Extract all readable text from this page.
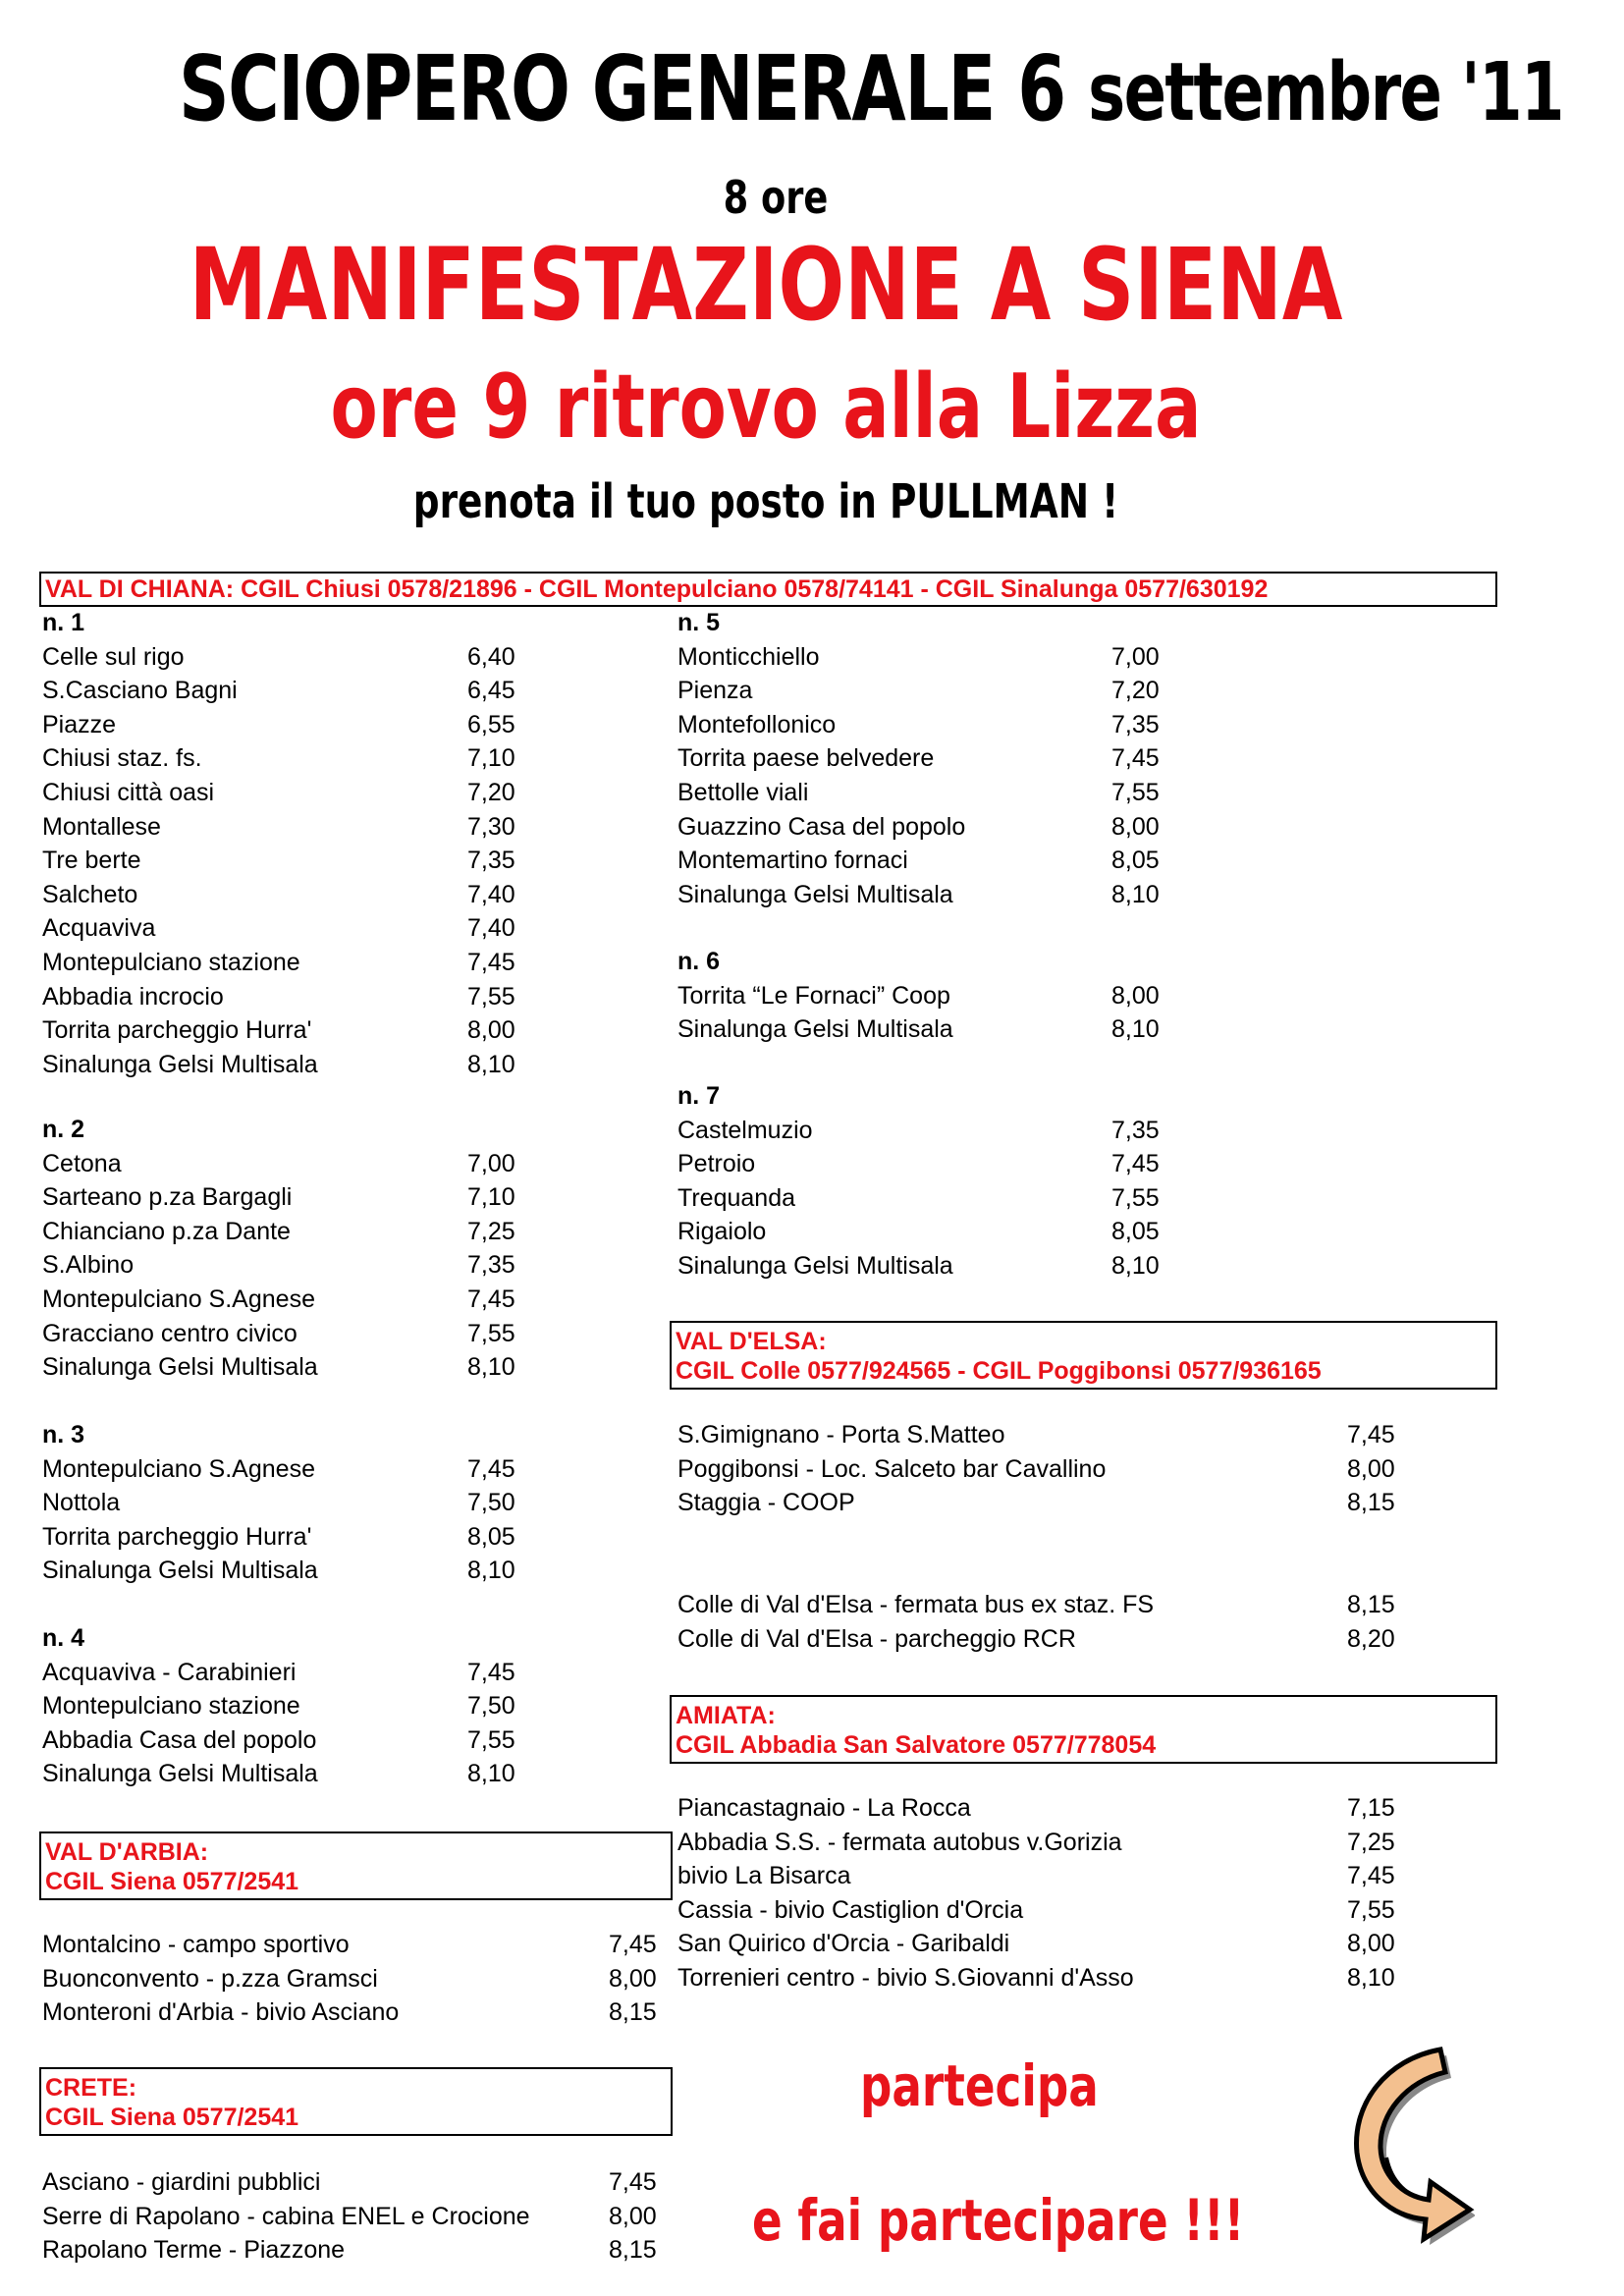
SCIOPERO GENERALE 6 settembre '11
8 ore
MANIFESTAZIONE A SIENA
ore 9 ritrovo alla Lizza
prenota il tuo posto in PULLMAN !
VAL DI CHIANA: CGIL Chiusi 0578/21896 - CGIL Montepulciano 0578/74141 - CGIL Sinalunga 0577/630192
VAL D'ELSA:
CGIL Colle 0577/924565 - CGIL Poggibonsi 0577/936165
AMIATA:
CGIL Abbadia San Salvatore 0577/778054
VAL D'ARBIA:
CGIL Siena 0577/2541
CRETE:
CGIL Siena 0577/2541
n. 1
Celle sul rigo	6,40
S.Casciano Bagni	6,45
Piazze	6,55
Chiusi staz. fs.	7,10
Chiusi città oasi	7,20
Montallese	7,30
Tre berte	7,35
Salcheto	7,40
Acquaviva	7,40
Montepulciano stazione	7,45
Abbadia incrocio	7,55
Torrita parcheggio Hurra'	8,00
Sinalunga Gelsi Multisala	8,10
n. 2
Cetona	7,00
Sarteano p.za Bargagli	7,10
Chianciano p.za Dante	7,25
S.Albino	7,35
Montepulciano S.Agnese	7,45
Gracciano centro civico	7,55
Sinalunga Gelsi Multisala	8,10
n. 3
Montepulciano S.Agnese	7,45
Nottola	7,50
Torrita parcheggio Hurra'	8,05
Sinalunga Gelsi Multisala	8,10
n. 4
Acquaviva - Carabinieri	7,45
Montepulciano stazione	7,50
Abbadia Casa del popolo	7,55
Sinalunga Gelsi Multisala	8,10
n. 5
Monticchiello	7,00
Pienza	7,20
Montefollonico	7,35
Torrita paese belvedere	7,45
Bettolle viali	7,55
Guazzino Casa del popolo	8,00
Montemartino fornaci	8,05
Sinalunga Gelsi Multisala	8,10
n. 6
Torrita “Le Fornaci” Coop	8,00
Sinalunga Gelsi Multisala	8,10
n. 7
Castelmuzio	7,35
Petroio	7,45
Trequanda	7,55
Rigaiolo	8,05
Sinalunga Gelsi Multisala	8,10
S.Gimignano - Porta S.Matteo	7,45
Poggibonsi - Loc. Salceto bar Cavallino	8,00
Staggia - COOP	8,15
Colle di Val d'Elsa - fermata bus ex staz. FS	8,15
Colle di Val d'Elsa - parcheggio RCR	8,20
Piancastagnaio - La Rocca	7,15
Abbadia S.S. - fermata autobus v.Gorizia	7,25
bivio La Bisarca	7,45
Cassia - bivio Castiglion d'Orcia	7,55
San Quirico d'Orcia - Garibaldi	8,00
Torrenieri centro - bivio S.Giovanni d'Asso	8,10
Montalcino - campo sportivo	7,45
Buonconvento - p.zza Gramsci	8,00
Monteroni d'Arbia - bivio Asciano	8,15
Asciano - giardini pubblici	7,45
Serre di Rapolano - cabina ENEL e Crocione	8,00
Rapolano Terme - Piazzone	8,15
partecipa
e fai partecipare !!!
